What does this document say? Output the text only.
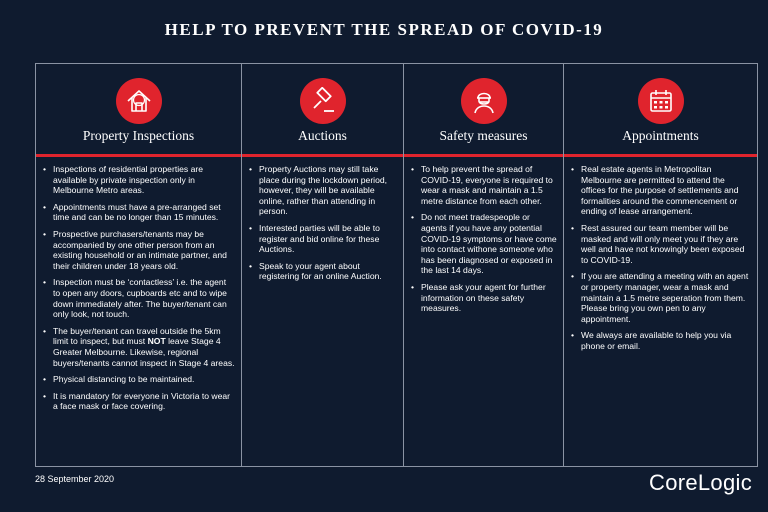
HELP TO PREVENT THE SPREAD OF COVID-19
Property Inspections
• Inspections of residential properties are available by private inspection only in Melbourne Metro areas.
• Appointments must have a pre-arranged set time and can be no longer than 15 minutes.
• Prospective purchasers/tenants may be accompanied by one other person from an existing household or an intimate partner, and their children under 18 years old.
• Inspection must be ‘contactless’ i.e. the agent to open any doors, cupboards etc and to wipe down immediately after. The buyer/tenant can only look, not touch.
• The buyer/tenant can travel outside the 5km limit to inspect, but must NOT leave Stage 4 Greater Melbourne. Likewise, regional buyers/tenants cannot inspect in Stage 4 areas.
• Physical distancing to be maintained.
• It is mandatory for everyone in Victoria to wear a face mask or face covering.
Auctions
• Property Auctions may still take place during the lockdown period, however, they will be available online, rather than attending in person.
• Interested parties will be able to register and bid online for these Auctions.
• Speak to your agent about registering for an online Auction.
Safety measures
• To help prevent the spread of COVID-19, everyone is required to wear a mask and maintain a 1.5 metre distance from each other.
• Do not meet tradespeople or agents if you have any potential COVID-19 symptoms or have come into contact withone someone who has been diagnosed or exposed in the last 14 days.
• Please ask your agent for further information on these safety measures.
Appointments
• Real estate agents in Metropolitan Melbourne are permitted to attend the offices for the purpose of settlements and formalities around the commencement or ending of lease arrangement.
• Rest assured our team member will be masked and will only meet you if they are well and have not knowingly been exposed to COVID-19.
• If you are attending a meeting with an agent or property manager, wear a mask and maintain a 1.5 metre seperation from them. Please bring you own pen to any appointment.
• We always are available to help you via phone or email.
28 September 2020	CoreLogic
